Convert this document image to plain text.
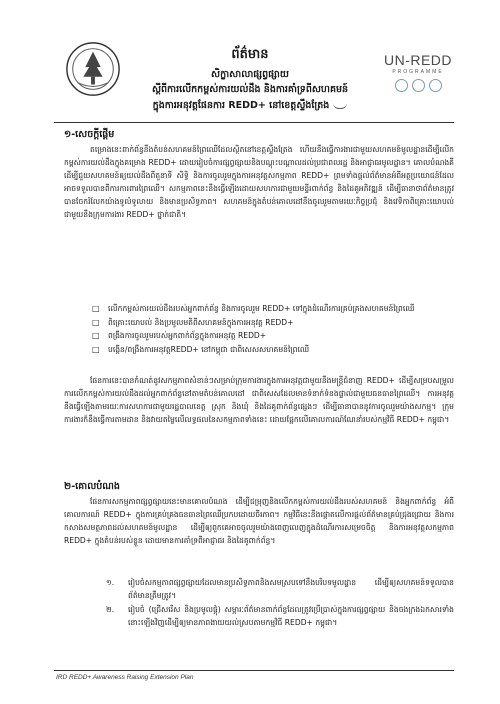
ព័ត៌មាន
សិក្ខាសាលាផ្សព្វផ្សាយ
ស្តីពីការលើកកម្ពស់ការយល់ដឹង និងការគាំទ្រពីសហគមន៍
ក្នុងការអនុវត្តផែនការ REDD+ នៅខេត្តស្ទឹងត្រែង
UN-REDD
PROGRAMME
១-សេចក្តីផ្តើម
តម្រោងនេះពាក់ព័ន្ធនឹងតំបន់សហគមន៍ព្រៃឈើដែលស្ថិតនៅខេត្តស្ទឹងត្រែង ហើយនឹងធ្វើការងារជាមួយសហគមន៍មូលដ្ឋានដើម្បីលើកកម្ពស់ការយល់ដឹងក្នុងគម្រោង REDD+ ដោយរៀបចំការផ្សព្វផ្សាយនិងបណ្តុះបណ្តាលដល់ប្រជាពលរដ្ឋ និងអាជ្ញាធរមូលដ្ឋាន។ គោលបំណងគឺដើម្បីជួយសហគមន៍ឲ្យយល់ដឹងពីតួនាទី សិទ្ធិ និងការចូលរួមក្នុងការអនុវត្តសកម្មភាព REDD+ ព្រមទាំងផ្តល់ព័ត៌មានអំពីអត្ថប្រយោជន៍ដែលអាចទទួលបានពីការការពារព្រៃឈើ។ សកម្មភាពនេះនឹងធ្វើឡើងដោយសហការជាមួយមន្ទីរពាក់ព័ន្ធ និងដៃគូអភិវឌ្ឍន៍ ដើម្បីធានាថាព័ត៌មានត្រូវបានចែករំលែកយ៉ាងទូលំទូលាយ និងមានប្រសិទ្ធភាព។ សហគមន៍ក្នុងតំបន់គោលដៅនឹងចូលរួមតាមរយៈកិច្ចប្រជុំ និងវេទិកាពិគ្រោះយោបល់ ជាមួយនឹងក្រុមការងារ REDD+ ថ្នាក់ជាតិ។
□ លើកកម្ពស់ការយល់ដឹងរបស់អ្នកពាក់ព័ន្ធ និងការចូលរួម REDD+ ទៅក្នុងដំណើរការគ្រប់គ្រងសហគមន៍ព្រៃឈើ
□ ពិគ្រោះយោបល់ និងប្រមូលមតិពីសហគមន៍ក្នុងការអនុវត្ត REDD+
□ ពង្រឹងការចូលរួមរបស់អ្នកពាក់ព័ន្ធក្នុងការអនុវត្ត REDD+
□ បង្កើន/ពង្រឹងការអនុវត្តREDD+ នៅកម្ពុជា ជាពិសេសសហគមន៍ព្រៃឈើ
ផែនការនេះបានកំណត់នូវសកម្មភាពសំខាន់ៗសម្រាប់ក្រុមការងារក្នុងការអនុវត្តជាមួយនឹងមន្ត្រីជំនាញ REDD+ ដើម្បីសម្របសម្រួលការលើកកម្ពស់ការយល់ដឹងដល់អ្នកពាក់ព័ន្ធនៅតាមតំបន់គោលដៅ ជាពិសេសដែលមានទំនាក់ទំនងផ្ទាល់ជាមួយធនធានព្រៃឈើ។ ការអនុវត្តនឹងធ្វើឡើងតាមរយៈការសហការជាមួយរដ្ឋបាលខេត្ត ស្រុក និងឃុំ និងដៃគូពាក់ព័ន្ធផ្សេងៗ ដើម្បីធានាបាននូវការចូលរួមយ៉ាងសកម្ម។ ក្រុមការងារក៏នឹងធ្វើការតាមដាន និងវាយតម្លៃលើលទ្ធផលនៃសកម្មភាពទាំងនេះ ដោយផ្អែកលើគោលការណ៍ណែនាំរបស់កម្មវិធី REDD+ កម្ពុជា។
២-គោលបំណង
ផែនការសកម្មភាពផ្សព្វផ្សាយនេះមានគោលបំណង ដើម្បីជម្រុញនិងលើកកម្ពស់ការយល់ដឹងរបស់សហគមន៍ និងអ្នកពាក់ព័ន្ធ អំពីគោលការណ៍ REDD+ ក្នុងការគ្រប់គ្រងធនធានព្រៃឈើប្រកបដោយចីរភាព។ កម្មវិធីនេះនឹងផ្តោតលើការផ្តល់ព័ត៌មានគ្រប់ជ្រុងជ្រោយ និងការកសាងសមត្ថភាពដល់សហគមន៍មូលដ្ឋាន ដើម្បីឲ្យពួកគេអាចចូលរួមយ៉ាងពេញលេញក្នុងដំណើរការសម្រេចចិត្ត និងការអនុវត្តសកម្មភាព REDD+ ក្នុងតំបន់របស់ខ្លួន ដោយមានការគាំទ្រពីអាជ្ញាធរ និងដៃគូពាក់ព័ន្ធ។
១. រៀបចំសកម្មភាពផ្សព្វផ្សាយដែលមានប្រសិទ្ធភាពនិងសមស្របទៅនឹងបរិបទមូលដ្ឋាន ដើម្បីឲ្យសហគមន៍ទទួលបានព័ត៌មានត្រឹមត្រូវ។
២. រៀបចំ (ជ្រើសរើស និងប្រមូលផ្តុំ) សម្ភារៈព័ត៌មានពាក់ព័ន្ធដែលត្រូវប្រើប្រាស់ក្នុងការផ្សព្វផ្សាយ និងចងក្រងឯកសារទាំងនោះឡើងវិញដើម្បីឲ្យមានភាពងាយយល់ស្របតាមកម្មវិធី REDD+ កម្ពុជា។
IRD REDD+ Awareness Raising Extension Plan
